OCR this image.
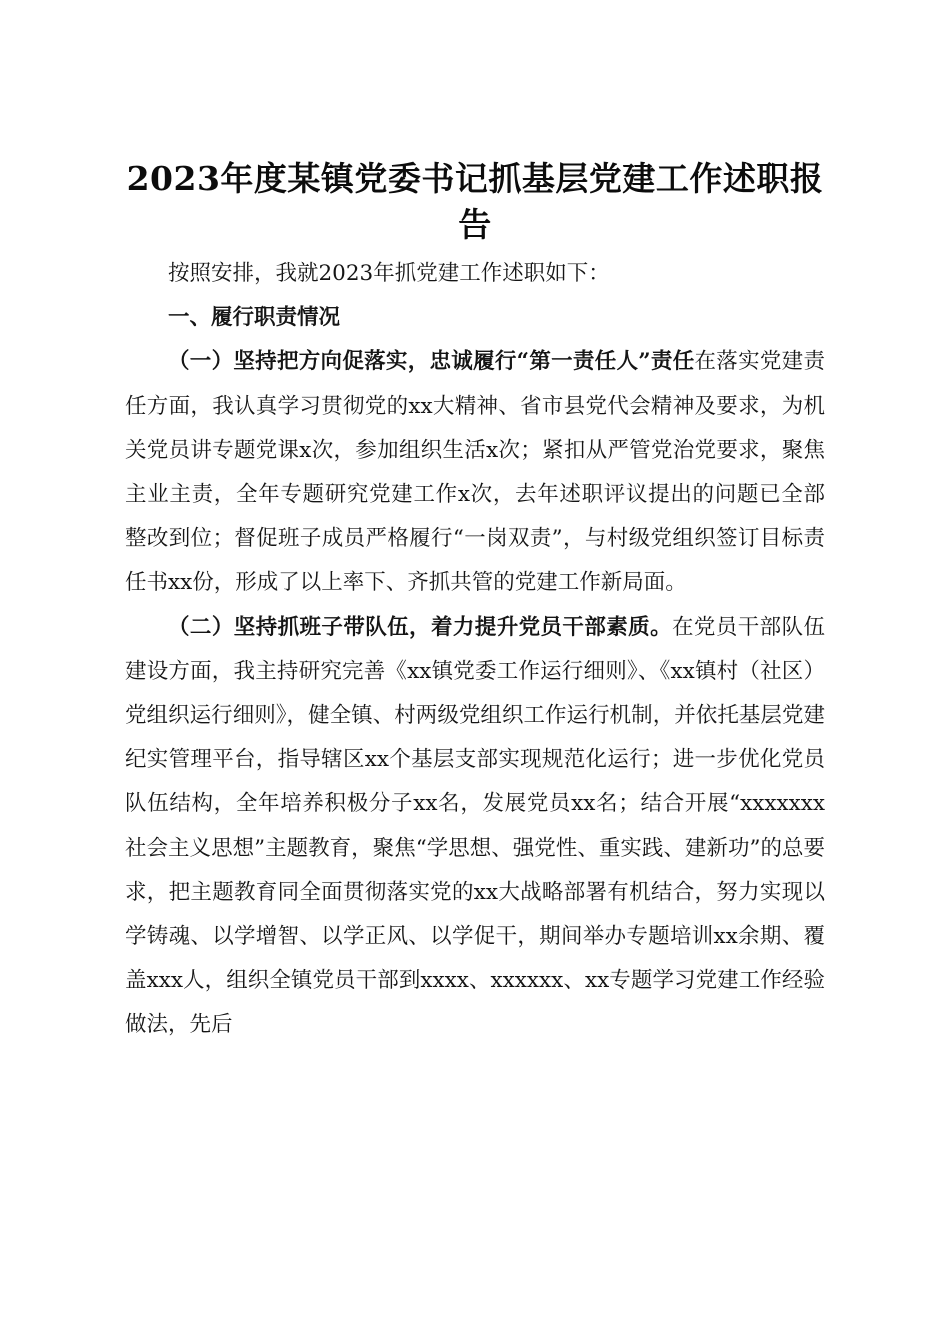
2023年度某镇党委书记抓基层党建工作述职报告

按照安排，我就2023年抓党建工作述职如下：

一、履行职责情况

（一）坚持把方向促落实，忠诚履行“第一责任人”责任在落实党建责任方面，我认真学习贯彻党的xx大精神、省市县党代会精神及要求，为机关党员讲专题党课x次，参加组织生活x次；紧扣从严管党治党要求，聚焦主业主责，全年专题研究党建工作x次，去年述职评议提出的问题已全部整改到位；督促班子成员严格履行“一岗双责”，与村级党组织签订目标责任书xx份，形成了以上率下、齐抓共管的党建工作新局面。

（二）坚持抓班子带队伍，着力提升党员干部素质。在党员干部队伍建设方面，我主持研究完善《xx镇党委工作运行细则》、《xx镇村（社区）党组织运行细则》，健全镇、村两级党组织工作运行机制，并依托基层党建纪实管理平台，指导辖区xx个基层支部实现规范化运行；进一步优化党员队伍结构，全年培养积极分子xx名，发展党员xx名；结合开展“xxxxxxx社会主义思想”主题教育，聚焦“学思想、强党性、重实践、建新功”的总要求，把主题教育同全面贯彻落实党的xx大战略部署有机结合，努力实现以学铸魂、以学增智、以学正风、以学促干，期间举办专题培训xx余期、覆盖xxx人，组织全镇党员干部到xxxx、xxxxxx、xx专题学习党建工作经验做法，先后
